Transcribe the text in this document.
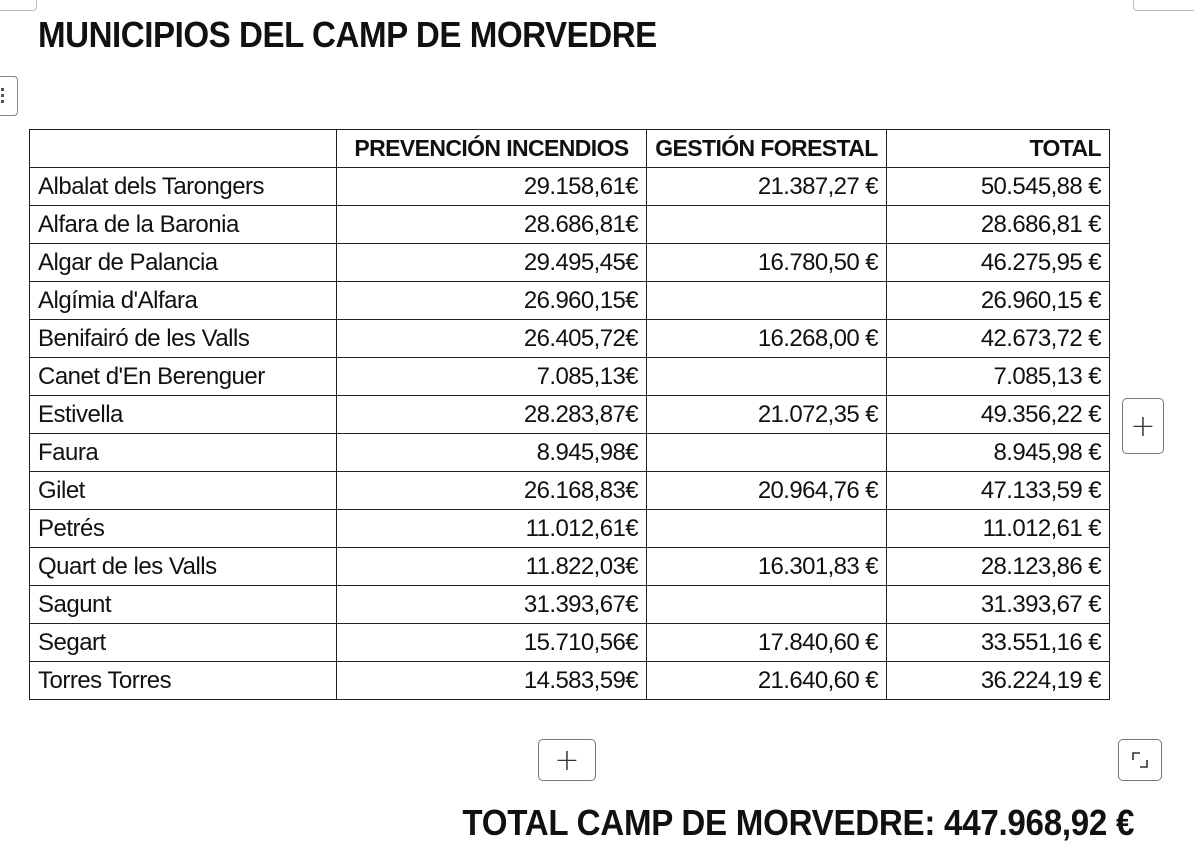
MUNICIPIOS DEL CAMP DE MORVEDRE
	PREVENCIÓN INCENDIOS	GESTIÓN FORESTAL	TOTAL
Albalat dels Tarongers	29.158,61€	21.387,27 €	50.545,88 €
Alfara de la Baronia	28.686,81€		28.686,81 €
Algar de Palancia	29.495,45€	16.780,50 €	46.275,95 €
Algímia d'Alfara	26.960,15€		26.960,15 €
Benifairó de les Valls	26.405,72€	16.268,00 €	42.673,72 €
Canet d'En Berenguer	7.085,13€		7.085,13 €
Estivella	28.283,87€	21.072,35 €	49.356,22 €
Faura	8.945,98€		8.945,98 €
Gilet	26.168,83€	20.964,76 €	47.133,59 €
Petrés	11.012,61€		11.012,61 €
Quart de les Valls	11.822,03€	16.301,83 €	28.123,86 €
Sagunt	31.393,67€		31.393,67 €
Segart	15.710,56€	17.840,60 €	33.551,16 €
Torres Torres	14.583,59€	21.640,60 €	36.224,19 €
+
+
TOTAL CAMP DE MORVEDRE: 447.968,92 €
